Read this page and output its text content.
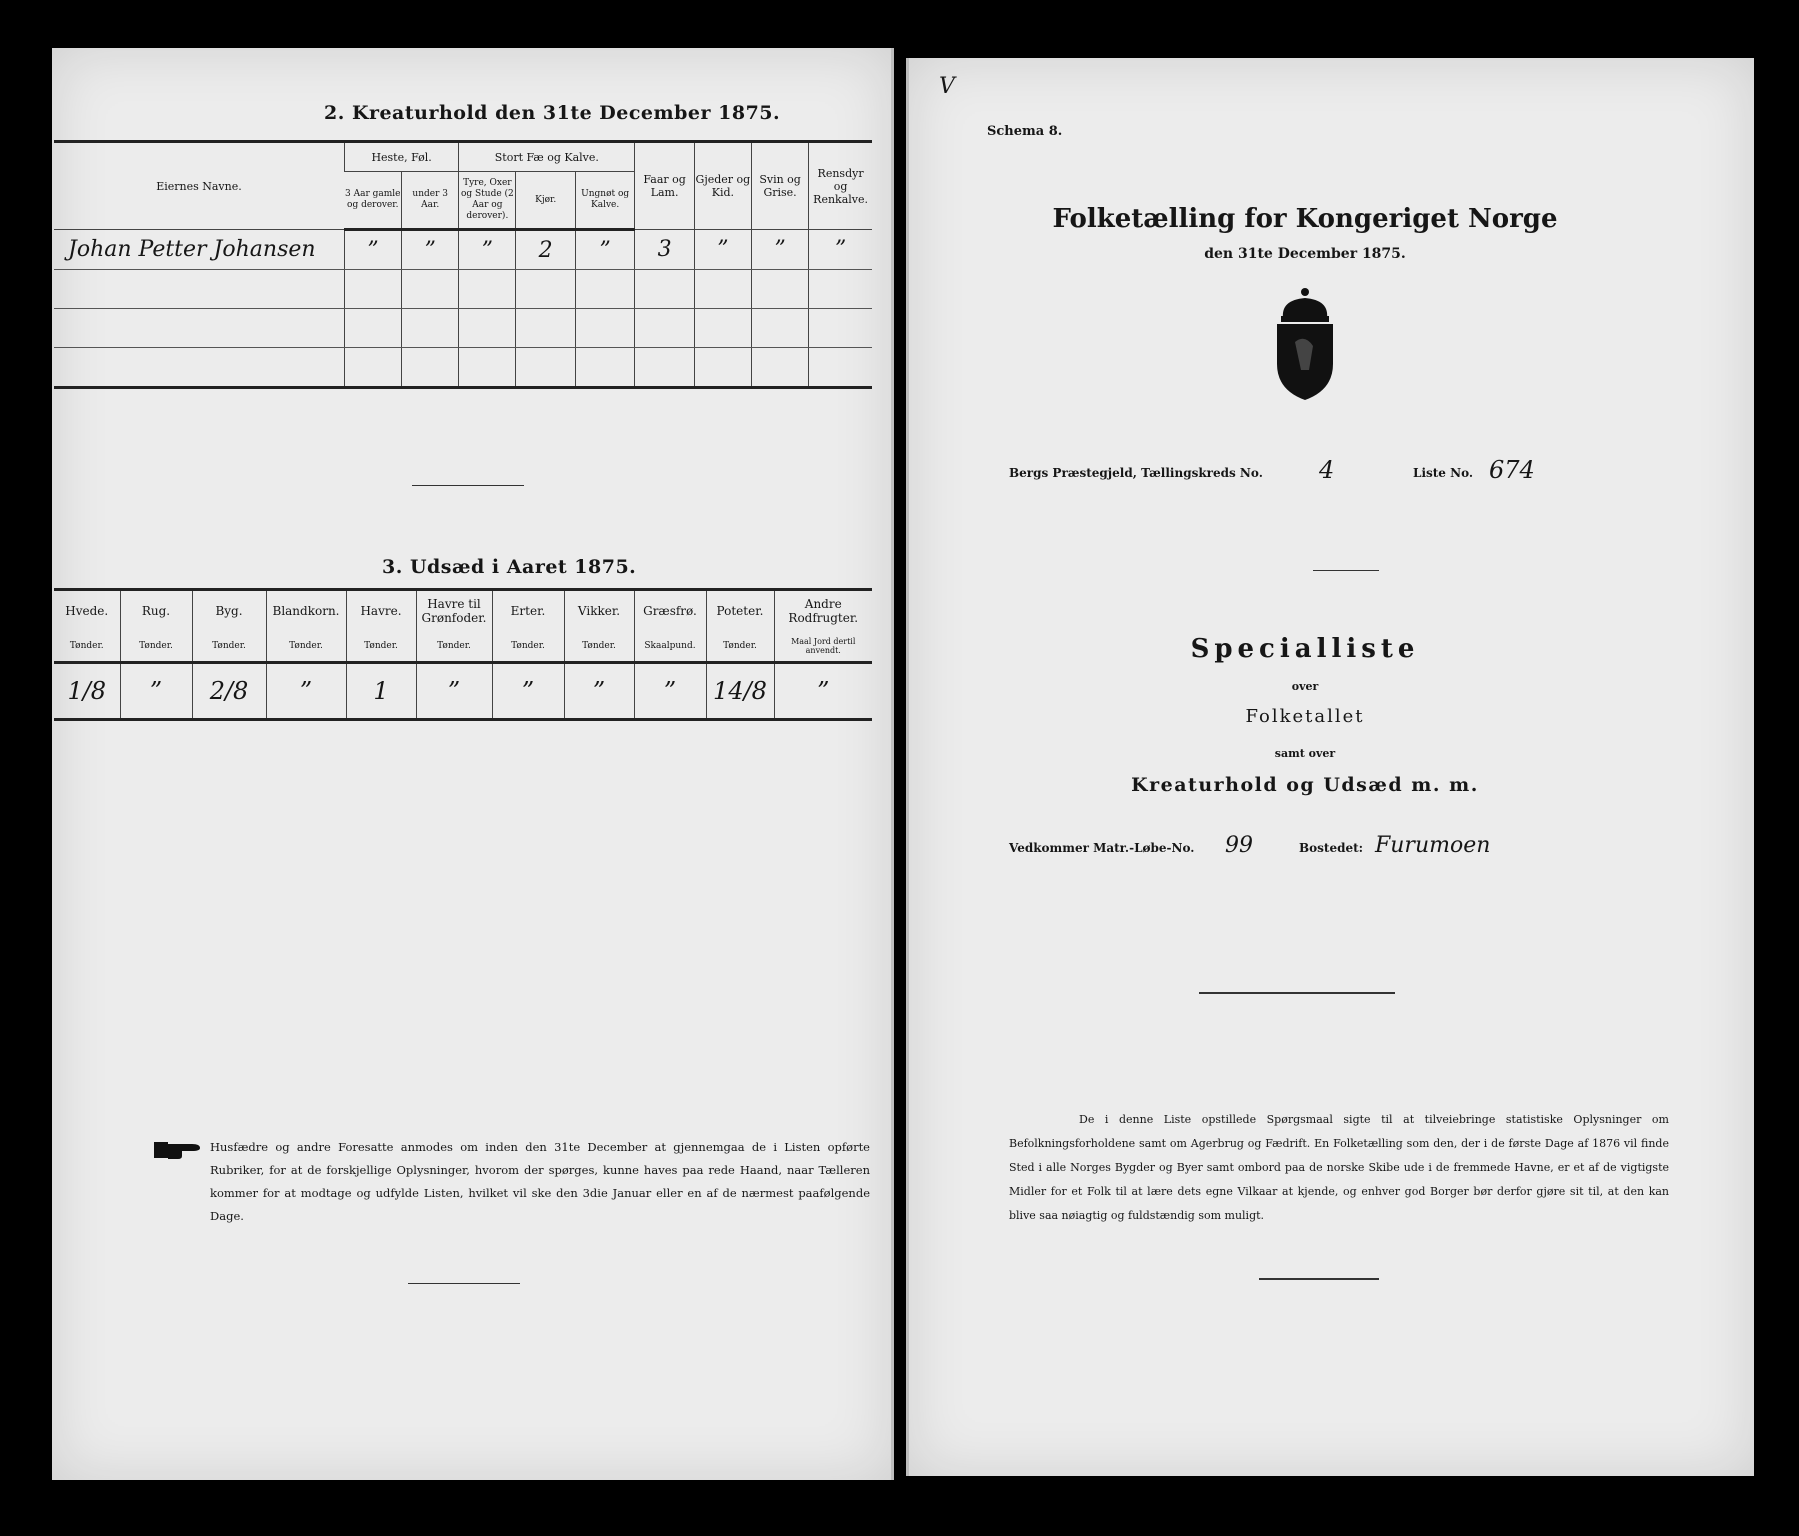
2. Kreaturhold den 31te December 1875.
Eiernes Navne.	Heste, Føl.		Stort Fæ og Kalve.			Faar og Lam.	Gjeder og Kid.	Svin og Grise.	Rensdyr og Renkalve.
	3 Aar gamle og derover.	under 3 Aar.	Tyre, Oxer og Stude (2 Aar og derover).	Kjør.	Ungnøt og Kalve.				
Johan Petter Johansen	”	”	”	2	”	3	”	”	”

3. Udsæd i Aaret 1875.
Hvede.	Rug.	Byg.	Blandkorn.	Havre.	Havre til Grønfoder.	Erter.	Vikker.	Græsfrø.	Poteter.	Andre Rodfrugter.
Tønder.	Tønder.	Tønder.	Tønder.	Tønder.	Tønder.	Tønder.	Tønder.	Skaalpund.	Tønder.	Maal Jord dertil anvendt.
1/8	”	2/8	”	1	”	”	”	”	14/8	”
Husfædre og andre Foresatte anmodes om inden den 31te December at gjennemgaa de i Listen opførte Rubriker, for at de forskjellige Oplysninger, hvorom der spørges, kunne haves paa rede Haand, naar Tælleren kommer for at modtage og udfylde Listen, hvilket vil ske den 3die Januar eller en af de nærmest paafølgende Dage.
V
Schema 8.
Folketælling for Kongeriget Norge
den 31te December 1875.
Bergs Præstegjeld, Tællingskreds No. 4	Liste No. 674
Specialliste
over
Folketallet
samt over
Kreaturhold og Udsæd m. m.
Vedkommer Matr.-Løbe-No. 99	Bostedet: Furumoen
De i denne Liste opstillede Spørgsmaal sigte til at tilveiebringe statistiske Oplysninger om Befolkningsforholdene samt om Agerbrug og Fædrift. En Folketælling som den, der i de første Dage af 1876 vil finde Sted i alle Norges Bygder og Byer samt ombord paa de norske Skibe ude i de fremmede Havne, er et af de vigtigste Midler for et Folk til at lære dets egne Vilkaar at kjende, og enhver god Borger bør derfor gjøre sit til, at den kan blive saa nøiagtig og fuldstændig som muligt.
